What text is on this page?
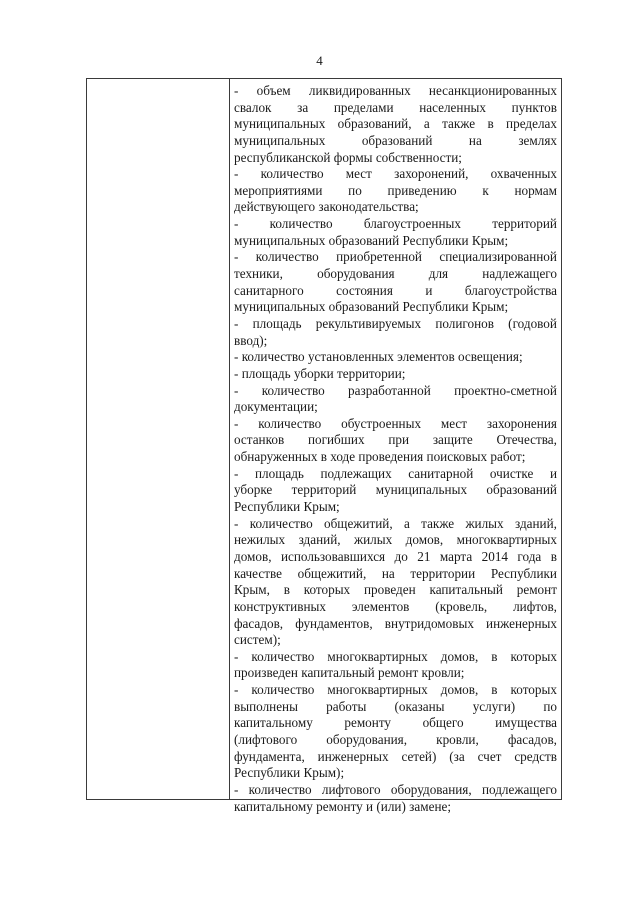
4
- объем ликвидированных несанкционированных
свалок за пределами населенных пунктов
муниципальных образований, а также в пределах
муниципальных	образований	на	землях
республиканской формы собственности;
- количество мест захоронений, охваченных
мероприятиями по приведению к нормам
действующего законодательства;
- количество благоустроенных территорий
муниципальных образований Республики Крым;
- количество приобретенной специализированной
техники,	оборудования	для	надлежащего
санитарного состояния и благоустройства
муниципальных образований Республики Крым;
- площадь рекультивируемых полигонов (годовой
ввод);
- количество установленных элементов освещения;
- площадь уборки территории;
- количество разработанной проектно-сметной
документации;
- количество обустроенных мест захоронения
останков погибших при защите Отечества,
обнаруженных в ходе проведения поисковых работ;
- площадь подлежащих санитарной очистке и
уборке территорий муниципальных образований
Республики Крым;
- количество общежитий, а также жилых зданий,
нежилых зданий, жилых домов, многоквартирных
домов, использовавшихся до 21 марта 2014 года в
качестве общежитий, на территории Республики
Крым, в которых проведен капитальный ремонт
конструктивных элементов (кровель, лифтов,
фасадов, фундаментов, внутридомовых инженерных
систем);
- количество многоквартирных домов, в которых
произведен капитальный ремонт кровли;
- количество многоквартирных домов, в которых
выполнены работы (оказаны услуги) по
капитальному ремонту общего имущества
(лифтового оборудования, кровли, фасадов,
фундамента, инженерных сетей) (за счет средств
Республики Крым);
- количество лифтового оборудования, подлежащего
капитальному ремонту и (или) замене;
